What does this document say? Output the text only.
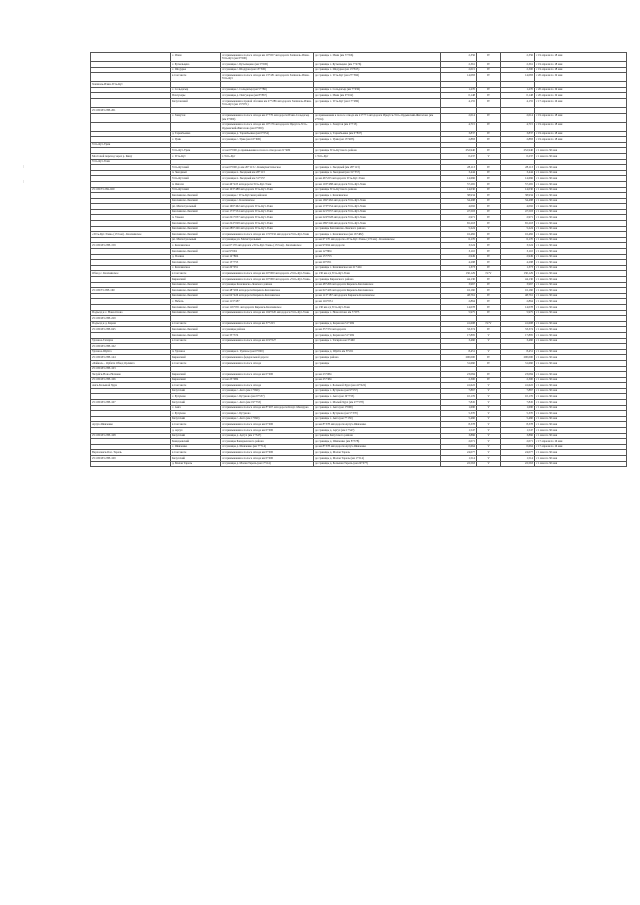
—
—
	с. Ичин	от примыкания к полосе отвода км 10+657 автодороги Хапшаль-Ичин-Усть-Кут (км 0+000)	до границы с. Ичин (км 3+356)	2,356	IV	2,356	с 19 апреля по 18 мая
	с. Бутыльцево	от границы с. Бутыльцево (км 5+000)	до границы с. Бутыльцево (км 7+476)	2,361	IV	2,361	с 19 апреля по 18 мая
	с. Шодурка	от границы с. Шодурка (км 13+500)	до границы с. Шодурка (км 13+815)	2,015	IV	2,300	с 19 апреля по 18 мая
	в том числе	от примыкания к полосе отвода км 13+181 автодороги Хапшаль-Ичин-Усть-Кут	до границы с. Усть-Кут (км 27+566)	14,083	IV	14,083	с 20 апреля по 19 мая
Хапшаль-Ичин-Усть-Кут							
	с. Сольдагыр	от границы с. Сольдагыр (км 5+786)	до границы с. Сольдагыр (км 7+036)	1,270	IV	1,270	с 20 апреля по 19 мая
	Пахгуаары	от границы д. Пахгуаары (км 8+867)	до границы с. Ичин (км 9+912)	0,148	IV	0,148	с 20 апреля по 19 мая
	Качуговский	от примыкания к правой обочине км 27+286 автодороги Хапшаль-Ичин-Усть-Кут (км 13+071)	до границы с. Усть-Кут (км 17+286)	4,155	IV	4,155	с 17 апреля по 16 мая
25 ОП МЗ 25Н-201							
	с. Хамутоя	от примыкания к полосе отвода км 2+770 автодороги Ичин-Сольдагыр (км 0+000)	до примыкания к полосе отвода км 21+771 автодороги Иркутск-Усть-Ордынский-Жигалово (км 2+014)	2,014	IV	2,014	с 19 апреля по 18 мая
		от примыкания к полосе отвода км 10+176 автодороги Иркутск-Усть-Ордынский-Жигалово (км 0+000)	до границы с. Хамутоя (км 4+715)	4,715	IV	4,715	с 19 апреля по 18 мая
	д. Тарнабьевка	от границы д. Тарнабьевка (км 0+054)	до границы д. Тарнабьевка (км 0+837)	3,837	IV	3,837	с 19 апреля по 18 мая
	с. Урик	от границы с. Урик (км 10+600)	до границы с. Урик (км 13+483)	2,883	IV	2,883	с 19 апреля по 18 мая
Усть-Кут-Урик							
	Усть-Кут-Урик	от км 0+000 до примыкания к полосе отвода км 21+480	до границы Усть-Кутского района	252,940	IV	252,940	с 1 мая по 30 мая
Мостовой переход через р. Кину	с. Усть-Кут	г. Усть-Кут	г. Усть-Кут	0,237	V	0,237	с 1 мая по 30 мая
Усть-Кут-Уоян							
	Усть-Кутский	от км 0+000 до км 20+113 с. Коммунистическое	до границы с. Звездный (км 28+113)	28,113	IV	28,113	с 1 мая по 30 мая
	п. Звездный	от границы п. Звездный км 28+113	до границы п. Звездный (км 31+557)	3,444	IV	3,444	с 1 мая по 30 мая
	Усть-Кутский	от границы п. Звездный км 31+557	до км 46+223 автодороги Усть-Кут-Уоян	14,666	IV	14,666	с 1 мая по 30 мая
	п. Янгеля	от км 46+223 автодороги Усть-Кут-Уоян	до км 103+488 автодороги Усть-Кут-Уоян	57,265	IV	57,265	с 1 мая по 30 мая
25 ОП РЗ 25К-020	Усть-Кутский	от км 103+488 автодороги Усть-Кут-Уоян	до границы Усть-Кутского района	14,030	IV	14,030	с 1 мая по 30 мая
	Казачинско-Ленский	от границы с Усть-Кутским районом	до границы с. Казачинское	38,934	IV	38,934	с 1 мая по 30 мая
	Казачинско-Ленский	от границы с. Казачинское	до км 169+462 автодороги Усть-Кут-Уоян	34,498	IV	34,498	с 1 мая по 30 мая
	рп. Магистральный	от км 169+462 автодороги Усть-Кут-Уоян	до км 173+554 автодороги Усть-Кут-Уоян	4,092	IV	4,092	с 1 мая по 30 мая
	Казачинско-Ленский	от км 173+554 автодороги Усть-Кут-Уоян	до км 221+057 автодороги Усть-Кут-Уоян	47,503	IV	47,503	с 1 мая по 30 мая
	п. Улькан	от км 221+057 автодороги Усть-Кут-Уоян	до км 224+028 автодороги Усть-Кут-Уоян	2,971	IV	2,971	с 1 мая по 30 мая
	Казачинско-Ленский	от км 224+028 автодороги Усть-Кут-Уоян	до км 289+246 автодороги Усть-Кут-Уоян	65,218	IV	65,218	с 1 мая по 30 мая
	Казачинско-Ленский	от км 289+246 автодороги Усть-Кут-Уоян	до границы Казачинско-Ленского района	5,224	V	5,224	с 1 мая по 30 мая
«Усть-Кут-Уоян» (172 км) - Казачинское	Казачинско-Ленский	от примыкания к полосе отвода км 172+032 автодороги Усть-Кут-Уоян	до границы с. Казачинское (км 16+482)	16,482	IV	16,482	с 1 мая по 30 мая
	рп. Магистральный	от границы рп. Магистральный	до км 6+170 автодороги «Усть-Кут-Уоян» (172 км) - Казачинское	6,170	IV	6,170	с 1 мая по 30 мая
25 ОП МЗ 25Н-159	с. Казачинское	от км 6+170 автодороги «Усть-Кут-Уоян» (172 км) - Казачинское	до км 9+694 автодороги	3,524	IV	3,524	с 1 мая по 30 мая
	Казачинско-Ленский	от км 9+694	до км 12+804	3,110	IV	3,110	с 1 мая по 30 мая
	д. Поляна	от км 12+804	до км 15+753	2,949	IV	2,949	с 1 мая по 30 мая
	Казачинско-Ленский	от км 15+753	до км 20+051	4,298	IV	4,298	с 1 мая по 30 мая
	с. Казачинское	от км 20+051	до границы с. Казачинское км 21+424	1,373	IV	1,373	с 1 мая по 30 мая
Обход с. Казачинское	в том числе	от примыкания к полосе отвода км 20+000 автодороги «Усть-Кут-Уоян»	до 130 км а/д Усть-Кут-Уоян	130,129	IV/V	130,129	с 1 мая по 30 мая
	Киренский	от примыкания к полосе отвода км 20+000 автодороги «Усть-Кут-Уоян»	до границы Киренского района	44,130	IV	44,130	с 1 мая по 30 мая
	Казачинско-Ленский	от границы Казачинско-Ленского района	до км 48+266 автодороги Киренск-Казачинское	3,967	IV	3,967	с 1 мая по 30 мая
25 ОП РЗ 25Н-160	Казачинско-Ленский	от км 48+266 автодороги Киренск-Казачинское	до км 64+426 автодороги Киренск-Казачинское	16,160	IV	16,160	с 1 мая по 30 мая
	Казачинско-Ленский	от км 64+426 автодороги Киренск-Казачинское	до км 113+187 автодороги Киренск-Казачинское	48,761	IV	48,761	с 1 мая по 30 мая
	с. Небель	от км 113+187	до км 116+051	2,864	IV	2,864	с 1 мая по 30 мая
	Казачинско-Ленский	от км 116+051 автодороги Киренск-Казачинское	до 130 км а/д Усть-Кут-Уоян	14,078	IV	14,078	с 1 мая по 30 мая
Подъезд к с. Новосёлово	Казачинско-Ленский	от примыкания к полосе отвода км 104+020 автодороги Усть-Кут-Уоян	до границы с. Новосёлово км 5+975	5,975	IV	5,975	с 1 мая по 30 мая
25 ОП МЗ 25Н-229							
Подъезд к д. Карам	в том числе	от примыкания к полосе отвода км 37+223	до границы д. Карам км 51+269	41,608	IV/V	41,608	с 1 мая по 30 мая
25 ОП МЗ 25Н-045	Казачинско-Ленский	от границы района	до км 35+374 автодороги	33,374	IV	33,374	с 1 мая по 30 мая
	Казачинско-Ленский	от км 35+374	до границы д. Карам км 51+269	17,895	V	17,895	с 1 мая по 30 мая
Удачное-Тагирпа	в том числе	от примыкания к полосе отвода км 219+027	до границы с. Тагирпа км 3+460	3,460	V	3,460	с 1 мая по 30 мая
25 ОП МЗ 25Н-162							
Удачное-Шуйта	п. Удачное	от границы п. Удачное (км 0+000)	до границы д. Шуйта км 8+451	8,451	V	8,451	с 1 мая по 30 мая
25 ОП МЗ 25Н-144	Киренский	от примыкания к федеральной дороге	до границы района	200,000	IV	200,000	с 1 мая по 30 мая
«Байкал» - Орбита Обход Орлинга	в том числе	от примыкания к полосе отвода	до границы	31,660	IV	31,660	с 1 мая по 30 мая
25 ОП МЗ 25Н-163							
Чечуйск-Ново-Ночнево	Киренский	от примыкания к полосе отвода км 0+000	до км 23+084	23,084	IV	23,084	с 1 мая по 30 мая
25 ОП МЗ 25Н-166	Киренский	от км 23+084	до км 25+384	2,300	IV	2,300	с 1 мая по 30 мая
Анга-Большой Хурх	в том числе	от примыкания к полосе отвода	до границы с. Большой Хурх (км 41+622)	41,622	V	41,622	с 1 мая по 30 мая
	Качугский	от границы с. Анга (км 1+690)	до границы с. Бутуково (км 9+557)	7,867	V	7,867	с 1 мая по 30 мая
	с. Бутуково	от границы с. Бутуково (км 9+557)	до границы с. Анга (км 19+733)	10,176	V	10,176	с 1 мая по 30 мая
25 ОП МЗ 25Н-167	Качугский	от границы с. Анга (км 19+733)	до границы с. Малый Хурх (км 27+578)	7,845	V	7,845	с 1 мая по 30 мая
	с. Анга	от примыкания к полосе отвода км 8+467 автодороги Качуг-Манзурка	до границы с. Анга (км 1+690)	1,690	V	1,690	с 1 мая по 30 мая
	с. Бутуково	от границы с. Бутуково	до границы с. Бутуково (км 5+370)	5,370	V	5,370	с 1 мая по 30 мая
	Качугский	от границы с. Анга (км 1+690)	до границы с. Анга (км 7+150)	5,460	V	5,460	с 1 мая по 30 мая
Артух-Шевченко	в том числе	от примыкания к полосе отвода км 0+000	до км 8+378 автодороги Артух-Шевченко	8,378	V	8,378	с 1 мая по 30 мая
	д. Артух	от примыкания к полосе отвода км 0+000	до границы д. Артух (км 1+547)	1,547	V	1,547	с 1 мая по 30 мая
25 ОП МЗ 25Н-168	Качугский	от границы д. Артух (км 1+547)	до границы Качугского района	3,866	V	3,866	с 1 мая по 30 мая
	Баяндаевский	от границы Баяндаевского района	до границы д. Шевченко (км 8+378)	2,071	V	2,071	с 17 апреля по 16 мая
	с. Шевченко	от границы д. Шевченко (км 7+714)	до км 8+378 автодороги Артух-Шевченко	0,664	V	0,664	с 17 апреля по 16 мая
Верхоленск-Бол. Тарель	в том числе	от примыкания к полосе отвода км 0+000	до границы д. Малая Тарель	24,077	V	24,077	с 1 мая по 30 мая
25 ОП МЗ 25Н-169	Качугский	от примыкания к полосе отвода км 0+000	до границы д. Малая Тарель (км 1+514)	1,514	V	1,514	с 1 мая по 30 мая
	д. Малая Тарель	от границы д. Малая Тарель (км 1+514)	до границы д. Большая Тарель (км 24+077)	22,563	V	22,563	с 1 мая по 30 мая
